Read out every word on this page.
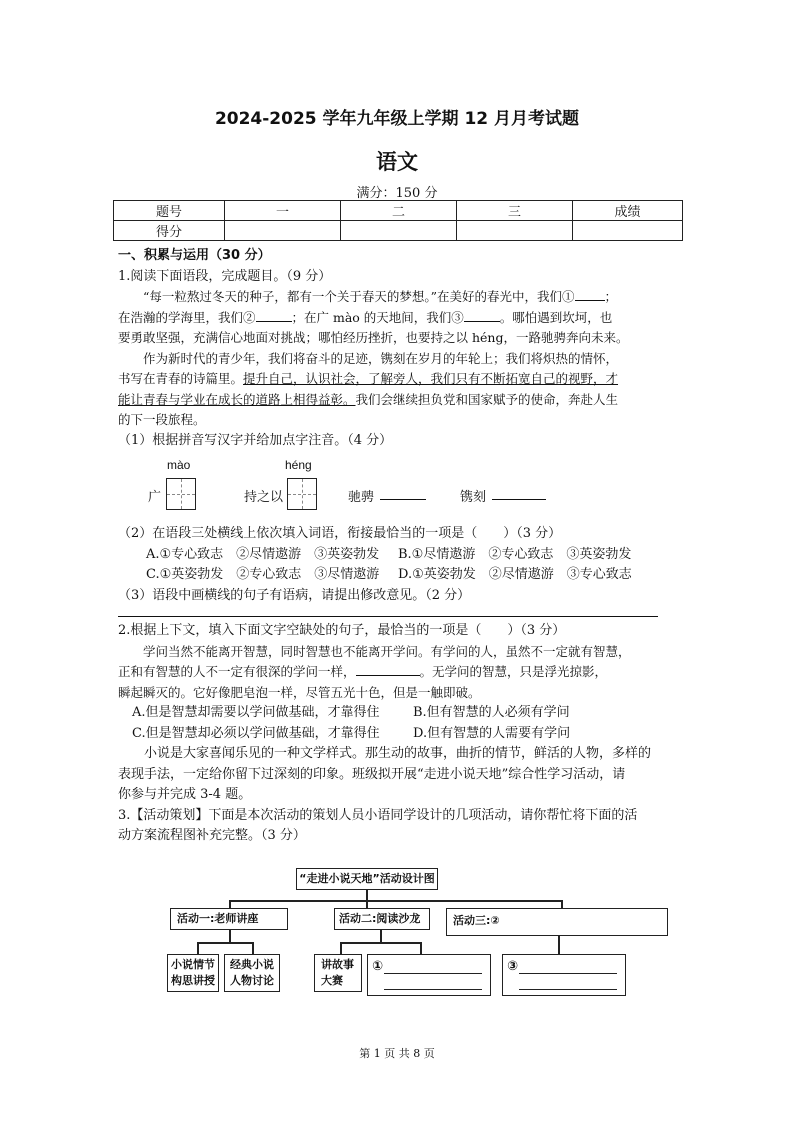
2024-2025 学年九年级上学期 12 月月考试题
语文
满分：150 分
题号	一	二	三	成绩
得分				
一、积累与运用（30 分）
1.阅读下面语段，完成题目。（9 分）
“每一粒熬过冬天的种子，都有一个关于春天的梦想。”在美好的春光中，我们① ；
在浩瀚的学海里，我们②	；在广 mào 的天地间，我们③	。哪怕遇到坎坷，也
要勇敢坚强，充满信心地面对挑战；哪怕经历挫折，也要持之以 héng，一路驰骋奔向未来。
作为新时代的青少年，我们将奋斗的足迹，镌刻在岁月的年轮上；我们将炽热的情怀，
书写在青春的诗篇里。提升自己，认识社会，了解旁人，我们只有不断拓宽自己的视野，才
能让青春与学业在成长的道路上相得益彰。我们会继续担负党和国家赋予的使命，奔赴人生
的下一段旅程。
（1）根据拼音写汉字并给加点字注音。（4 分）
mào	héng
广	持之以	驰骋	镌刻
（2）在语段三处横线上依次填入词语，衔接最恰当的一项是（　　）（3 分）
A.①专心致志　②尽情遨游　③英姿勃发	B.①尽情遨游　②专心致志　③英姿勃发
C.①英姿勃发　②专心致志　③尽情遨游	D.①英姿勃发　②尽情遨游　③专心致志
（3）语段中画横线的句子有语病，请提出修改意见。（2 分）
2.根据上下文，填入下面文字空缺处的句子，最恰当的一项是（　　）（3 分）
学问当然不能离开智慧，同时智慧也不能离开学问。有学问的人，虽然不一定就有智慧，
正和有智慧的人不一定有很深的学问一样，	。无学问的智慧，只是浮光掠影，
瞬起瞬灭的。它好像肥皂泡一样，尽管五光十色，但是一触即破。
A.但是智慧却需要以学问做基础，才靠得住	B.但有智慧的人必须有学问
C.但是智慧却必须以学问做基础，才靠得住	D.但有智慧的人需要有学问
小说是大家喜闻乐见的一种文学样式。那生动的故事，曲折的情节，鲜活的人物，多样的
表现手法，一定给你留下过深刻的印象。班级拟开展“走进小说天地”综合性学习活动，请
你参与并完成 3-4 题。
3.【活动策划】下面是本次活动的策划人员小语同学设计的几项活动，请你帮忙将下面的活
动方案流程图补充完整。（3 分）
“走进小说天地”活动设计图
活动一:老师讲座	活动二:阅读沙龙	活动三:②
小说情节
构思讲授
经典小说
人物讨论
讲故事
大赛
①	③
第 1 页 共 8 页
